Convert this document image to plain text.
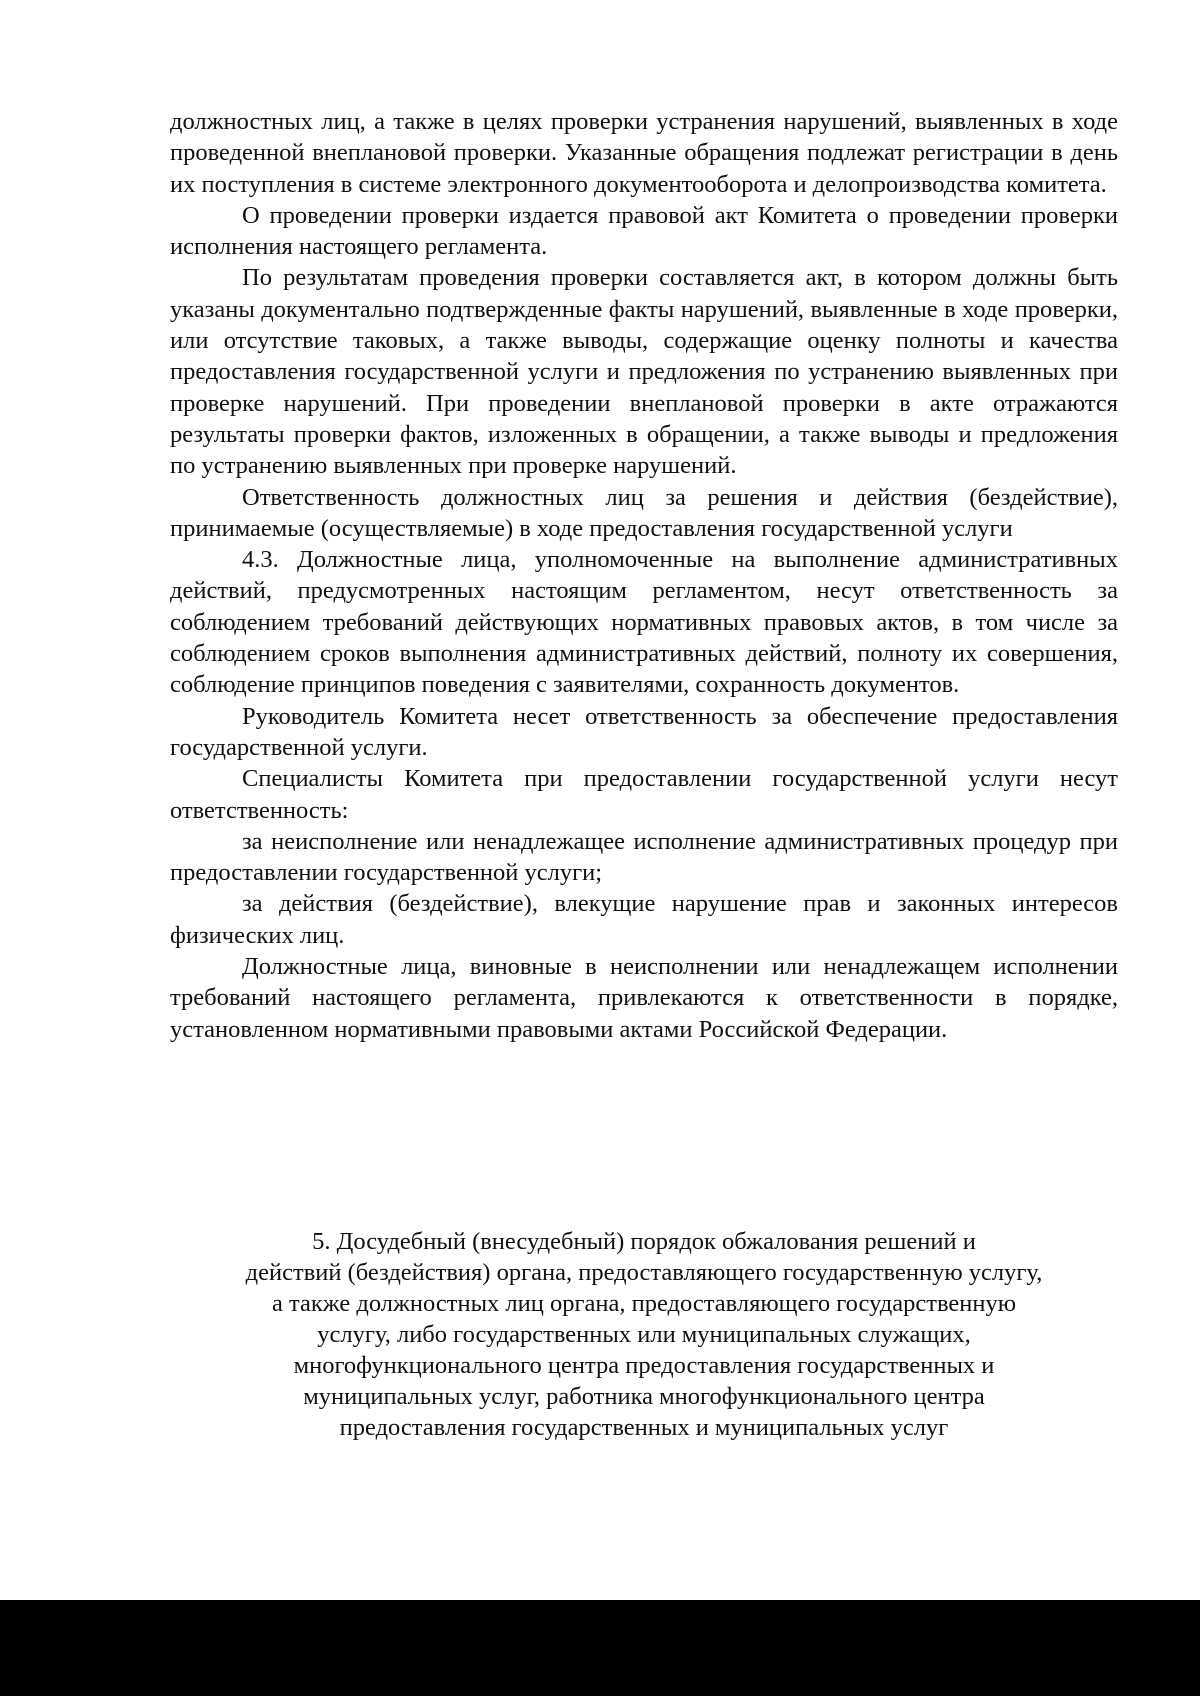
должностных лиц, а также в целях проверки устранения нарушений, выявленных в ходе проведенной внеплановой проверки. Указанные обращения подлежат регистрации в день их поступления в системе электронного документооборота и делопроизводства комитета.

О проведении проверки издается правовой акт Комитета о проведении проверки исполнения настоящего регламента.

По результатам проведения проверки составляется акт, в котором должны быть указаны документально подтвержденные факты нарушений, выявленные в ходе проверки, или отсутствие таковых, а также выводы, содержащие оценку полноты и качества предоставления государственной услуги и предложения по устранению выявленных при проверке нарушений. При проведении внеплановой проверки в акте отражаются результаты проверки фактов, изложенных в обращении, а также выводы и предложения по устранению выявленных при проверке нарушений.

Ответственность должностных лиц за решения и действия (бездействие), принимаемые (осуществляемые) в ходе предоставления государственной услуги

4.3. Должностные лица, уполномоченные на выполнение административных действий, предусмотренных настоящим регламентом, несут ответственность за соблюдением требований действующих нормативных правовых актов, в том числе за соблюдением сроков выполнения административных действий, полноту их совершения, соблюдение принципов поведения с заявителями, сохранность документов.

Руководитель Комитета несет ответственность за обеспечение предоставления государственной услуги.

Специалисты Комитета при предоставлении государственной услуги несут ответственность:

за неисполнение или ненадлежащее исполнение административных процедур при предоставлении государственной услуги;

за действия (бездействие), влекущие нарушение прав и законных интересов физических лиц.

Должностные лица, виновные в неисполнении или ненадлежащем исполнении требований настоящего регламента, привлекаются к ответственности в порядке, установленном нормативными правовыми актами Российской Федерации.

5. Досудебный (внесудебный) порядок обжалования решений и

действий (бездействия) органа, предоставляющего государственную услугу,

а также должностных лиц органа, предоставляющего государственную

услугу, либо государственных или муниципальных служащих,

многофункционального центра предоставления государственных и

муниципальных услуг, работника многофункционального центра

предоставления государственных и муниципальных услуг
